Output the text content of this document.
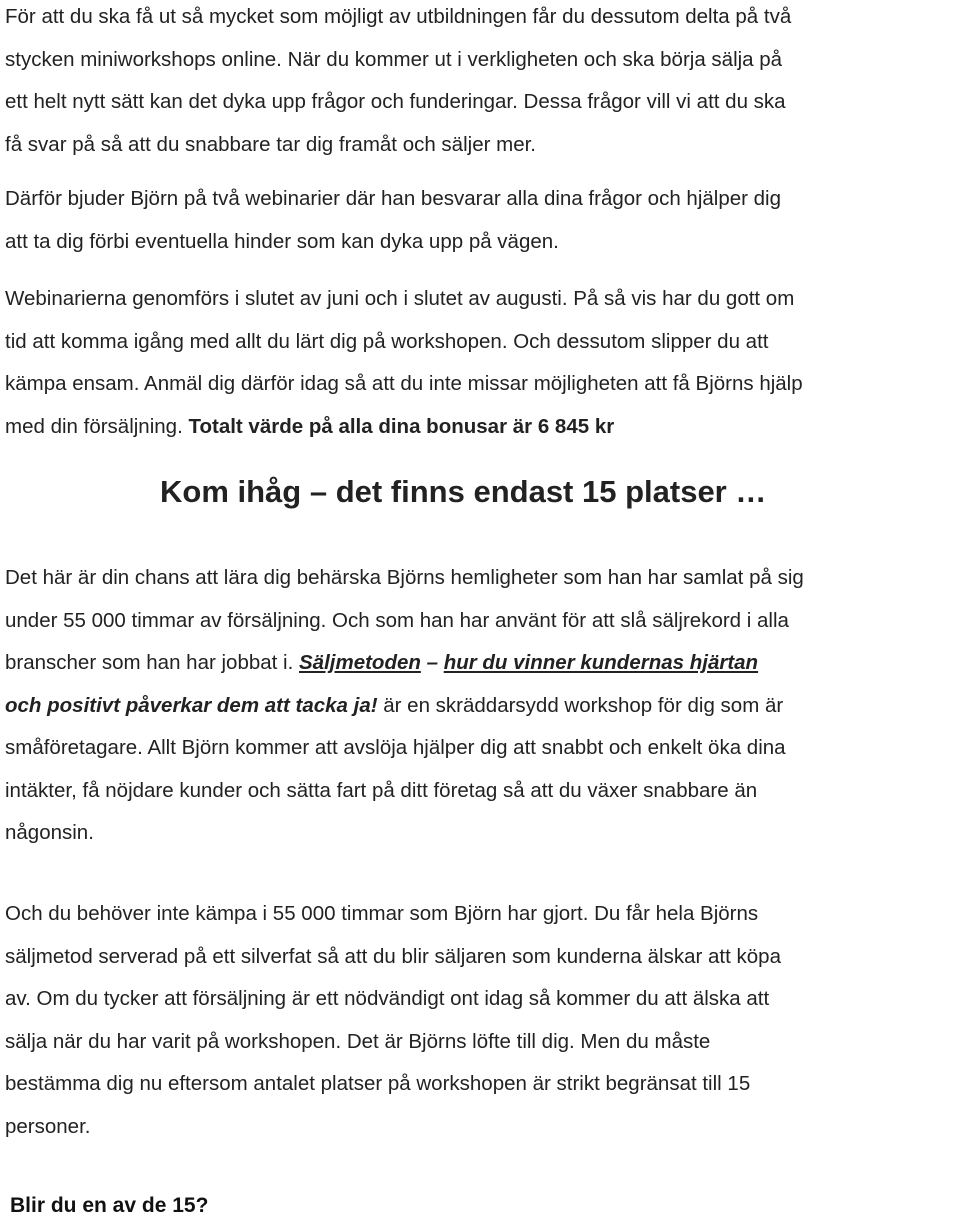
För att du ska få ut så mycket som möjligt av utbildningen får du dessutom delta på två
stycken miniworkshops online. När du kommer ut i verkligheten och ska börja sälja på
ett helt nytt sätt kan det dyka upp frågor och funderingar. Dessa frågor vill vi att du ska
få svar på så att du snabbare tar dig framåt och säljer mer.

Därför bjuder Björn på två webinarier där han besvarar alla dina frågor och hjälper dig
att ta dig förbi eventuella hinder som kan dyka upp på vägen.

Webinarierna genomförs i slutet av juni och i slutet av augusti. På så vis har du gott om
tid att komma igång med allt du lärt dig på workshopen. Och dessutom slipper du att
kämpa ensam. Anmäl dig därför idag så att du inte missar möjligheten att få Björns hjälp
med din försäljning. Totalt värde på alla dina bonusar är 6 845 kr

Kom ihåg – det finns endast 15 platser …

Det här är din chans att lära dig behärska Björns hemligheter som han har samlat på sig
under 55 000 timmar av försäljning. Och som han har använt för att slå säljrekord i alla
branscher som han har jobbat i. Säljmetoden – hur du vinner kundernas hjärtan
och positivt påverkar dem att tacka ja! är en skräddarsydd workshop för dig som är
småföretagare. Allt Björn kommer att avslöja hjälper dig att snabbt och enkelt öka dina
intäkter, få nöjdare kunder och sätta fart på ditt företag så att du växer snabbare än
någonsin.

Och du behöver inte kämpa i 55 000 timmar som Björn har gjort. Du får hela Björns
säljmetod serverad på ett silverfat så att du blir säljaren som kunderna älskar att köpa
av. Om du tycker att försäljning är ett nödvändigt ont idag så kommer du att älska att
sälja när du har varit på workshopen. Det är Björns löfte till dig. Men du måste
bestämma dig nu eftersom antalet platser på workshopen är strikt begränsat till 15
personer.

Blir du en av de 15?
